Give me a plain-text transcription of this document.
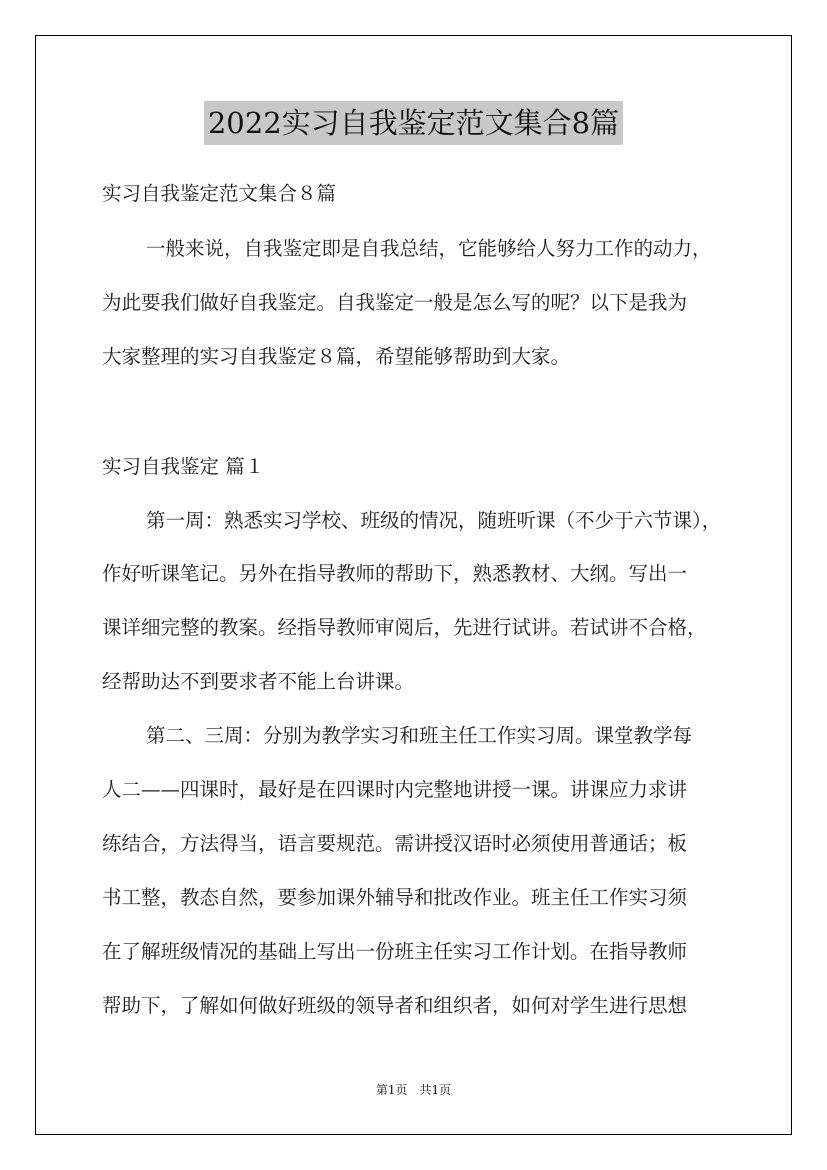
2022实习自我鉴定范文集合8篇
实习自我鉴定范文集合８篇
一般来说，自我鉴定即是自我总结，它能够给人努力工作的动力，
为此要我们做好自我鉴定。自我鉴定一般是怎么写的呢？以下是我为
大家整理的实习自我鉴定８篇，希望能够帮助到大家。
实习自我鉴定 篇１
第一周：熟悉实习学校、班级的情况，随班听课（不少于六节课），
作好听课笔记。另外在指导教师的帮助下，熟悉教材、大纲。写出一
课详细完整的教案。经指导教师审阅后，先进行试讲。若试讲不合格，
经帮助达不到要求者不能上台讲课。
第二、三周：分别为教学实习和班主任工作实习周。课堂教学每
人二——四课时，最好是在四课时内完整地讲授一课。讲课应力求讲
练结合，方法得当，语言要规范。需讲授汉语时必须使用普通话；板
书工整，教态自然，要参加课外辅导和批改作业。班主任工作实习须
在了解班级情况的基础上写出一份班主任实习工作计划。在指导教师
帮助下，了解如何做好班级的领导者和组织者，如何对学生进行思想
第1页　共1页
